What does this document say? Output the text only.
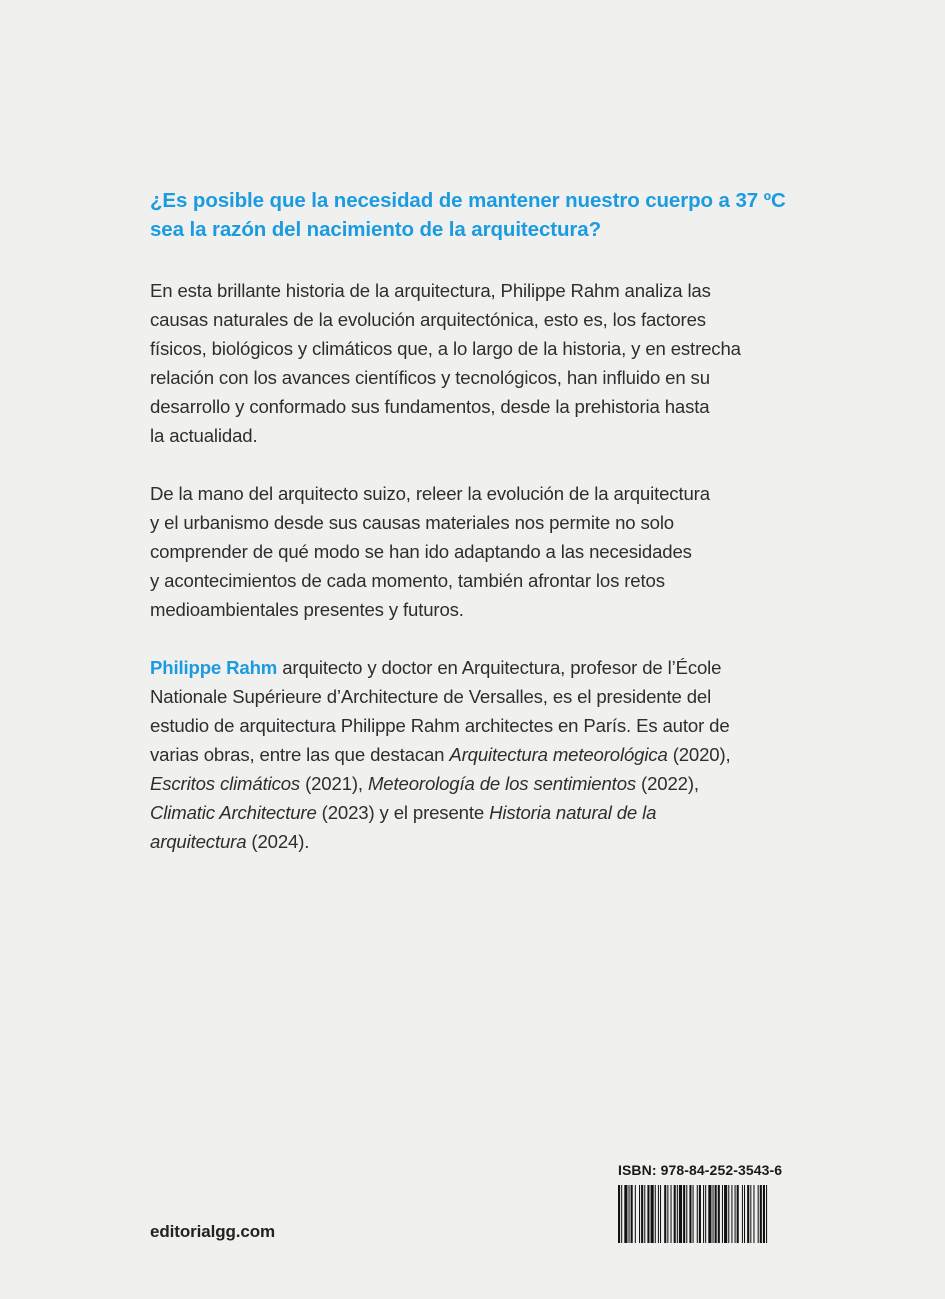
¿Es posible que la necesidad de mantener nuestro cuerpo a 37 ºC
sea la razón del nacimiento de la arquitectura?

En esta brillante historia de la arquitectura, Philippe Rahm analiza las
causas naturales de la evolución arquitectónica, esto es, los factores
físicos, biológicos y climáticos que, a lo largo de la historia, y en estrecha
relación con los avances científicos y tecnológicos, han influido en su
desarrollo y conformado sus fundamentos, desde la prehistoria hasta
la actualidad.

De la mano del arquitecto suizo, releer la evolución de la arquitectura
y el urbanismo desde sus causas materiales nos permite no solo
comprender de qué modo se han ido adaptando a las necesidades
y acontecimientos de cada momento, también afrontar los retos
medioambientales presentes y futuros.

Philippe Rahm arquitecto y doctor en Arquitectura, profesor de l’École
Nationale Supérieure d’Architecture de Versalles, es el presidente del
estudio de arquitectura Philippe Rahm architectes en París. Es autor de
varias obras, entre las que destacan Arquitectura meteorológica (2020),
Escritos climáticos (2021), Meteorología de los sentimientos (2022),
Climatic Architecture (2023) y el presente Historia natural de la
arquitectura (2024).

editorialgg.com
ISBN: 978-84-252-3543-6
